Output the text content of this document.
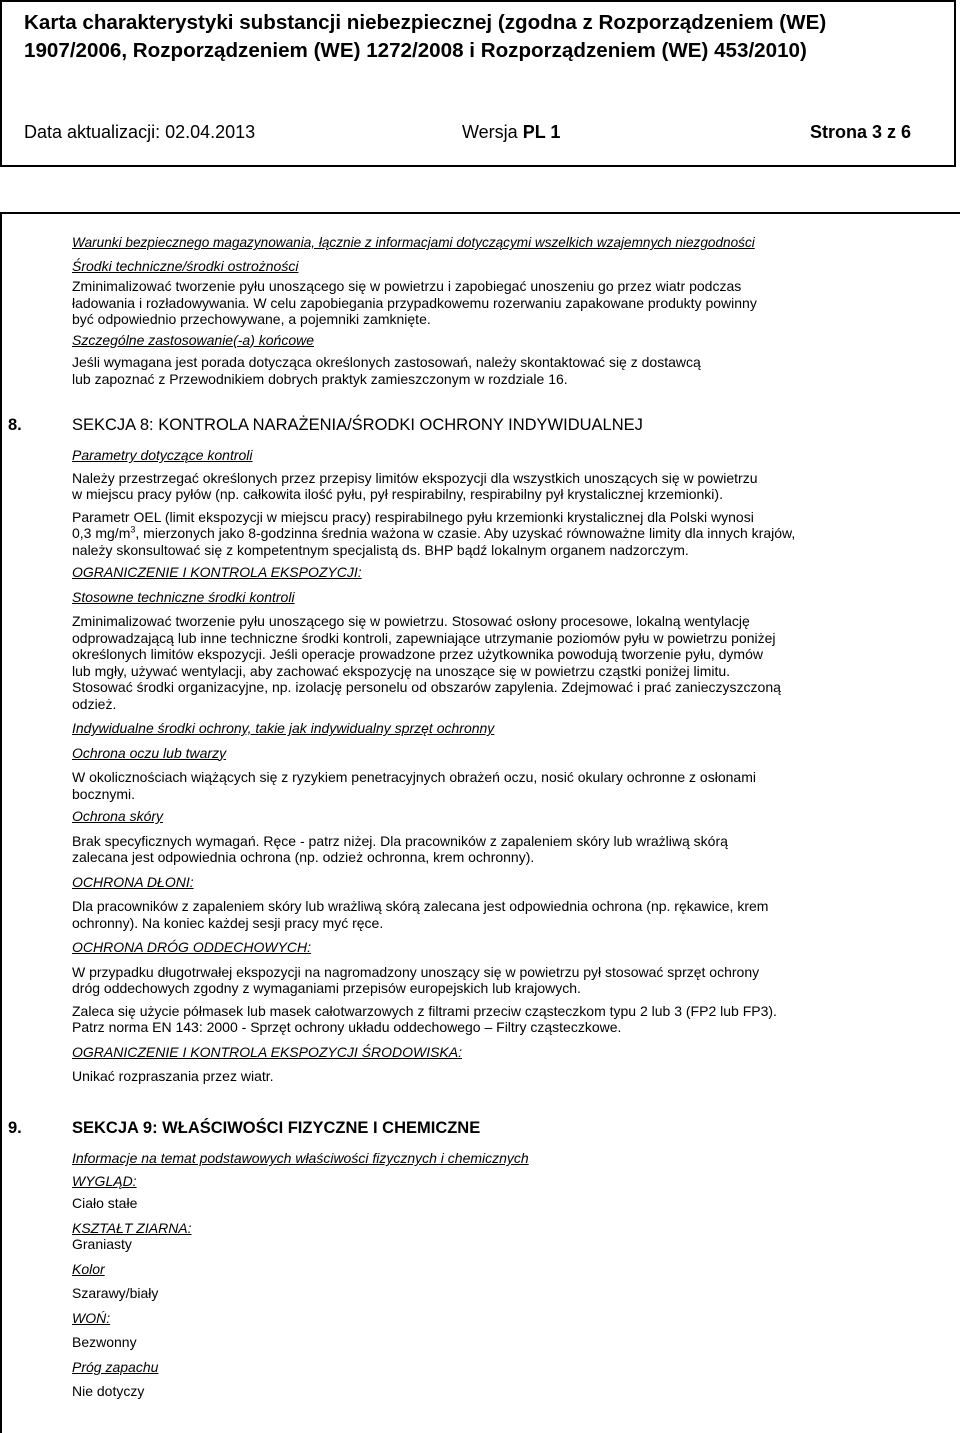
Karta charakterystyki substancji niebezpiecznej (zgodna z Rozporządzeniem (WE)
1907/2006, Rozporządzeniem (WE) 1272/2008 i Rozporządzeniem (WE) 453/2010)
Data aktualizacji: 02.04.2013	Wersja PL 1	Strona 3 z 6

Warunki bezpiecznego magazynowania, łącznie z informacjami dotyczącymi wszelkich wzajemnych niezgodności

Środki techniczne/środki ostrożności

Zminimalizować tworzenie pyłu unoszącego się w powietrzu i zapobiegać unoszeniu go przez wiatr podczas

ładowania i rozładowywania. W celu zapobiegania przypadkowemu rozerwaniu zapakowane produkty powinny

być odpowiednio przechowywane, a pojemniki zamknięte.

Szczególne zastosowanie(-a) końcowe

Jeśli wymagana jest porada dotycząca określonych zastosowań, należy skontaktować się z dostawcą

lub zapoznać z Przewodnikiem dobrych praktyk zamieszczonym w rozdziale 16.

8.	SEKCJA 8: KONTROLA NARAŻENIA/ŚRODKI OCHRONY INDYWIDUALNEJ

Parametry dotyczące kontroli

Należy przestrzegać określonych przez przepisy limitów ekspozycji dla wszystkich unoszących się w powietrzu

w miejscu pracy pyłów (np. całkowita ilość pyłu, pył respirabilny, respirabilny pył krystalicznej krzemionki).

Parametr OEL (limit ekspozycji w miejscu pracy) respirabilnego pyłu krzemionki krystalicznej dla Polski wynosi

0,3 $mg/m^3$, mierzonych jako 8-godzinna średnia ważona w czasie. Aby uzyskać równoważne limity dla innych krajów,

należy skonsultować się z kompetentnym specjalistą ds. BHP bądź lokalnym organem nadzorczym.

OGRANICZENIE I KONTROLA EKSPOZYCJI:

Stosowne techniczne środki kontroli

Zminimalizować tworzenie pyłu unoszącego się w powietrzu. Stosować osłony procesowe, lokalną wentylację

odprowadzającą lub inne techniczne środki kontroli, zapewniające utrzymanie poziomów pyłu w powietrzu poniżej

określonych limitów ekspozycji. Jeśli operacje prowadzone przez użytkownika powodują tworzenie pyłu, dymów

lub mgły, używać wentylacji, aby zachować ekspozycję na unoszące się w powietrzu cząstki poniżej limitu.

Stosować środki organizacyjne, np. izolację personelu od obszarów zapylenia. Zdejmować i prać zanieczyszczoną

odzież.

Indywidualne środki ochrony, takie jak indywidualny sprzęt ochronny

Ochrona oczu lub twarzy

W okolicznościach wiążących się z ryzykiem penetracyjnych obrażeń oczu, nosić okulary ochronne z osłonami

bocznymi.

Ochrona skóry

Brak specyficznych wymagań. Ręce - patrz niżej. Dla pracowników z zapaleniem skóry lub wrażliwą skórą

zalecana jest odpowiednia ochrona (np. odzież ochronna, krem ochronny).

OCHRONA DŁONI:

Dla pracowników z zapaleniem skóry lub wrażliwą skórą zalecana jest odpowiednia ochrona (np. rękawice, krem

ochronny). Na koniec każdej sesji pracy myć ręce.

OCHRONA DRÓG ODDECHOWYCH:

W przypadku długotrwałej ekspozycji na nagromadzony unoszący się w powietrzu pył stosować sprzęt ochrony

dróg oddechowych zgodny z wymaganiami przepisów europejskich lub krajowych.

Zaleca się użycie półmasek lub masek całotwarzowych z filtrami przeciw cząsteczkom typu 2 lub 3 (FP2 lub FP3).

Patrz norma EN 143: 2000 - Sprzęt ochrony układu oddechowego – Filtry cząsteczkowe.

OGRANICZENIE I KONTROLA EKSPOZYCJI ŚRODOWISKA:

Unikać rozpraszania przez wiatr.

9.	SEKCJA 9: WŁAŚCIWOŚCI FIZYCZNE I CHEMICZNE

Informacje na temat podstawowych właściwości fizycznych i chemicznych

WYGLĄD:

Ciało stałe

KSZTAŁT ZIARNA:

Graniasty

Kolor

Szarawy/biały

WOŃ:

Bezwonny

Próg zapachu

Nie dotyczy
